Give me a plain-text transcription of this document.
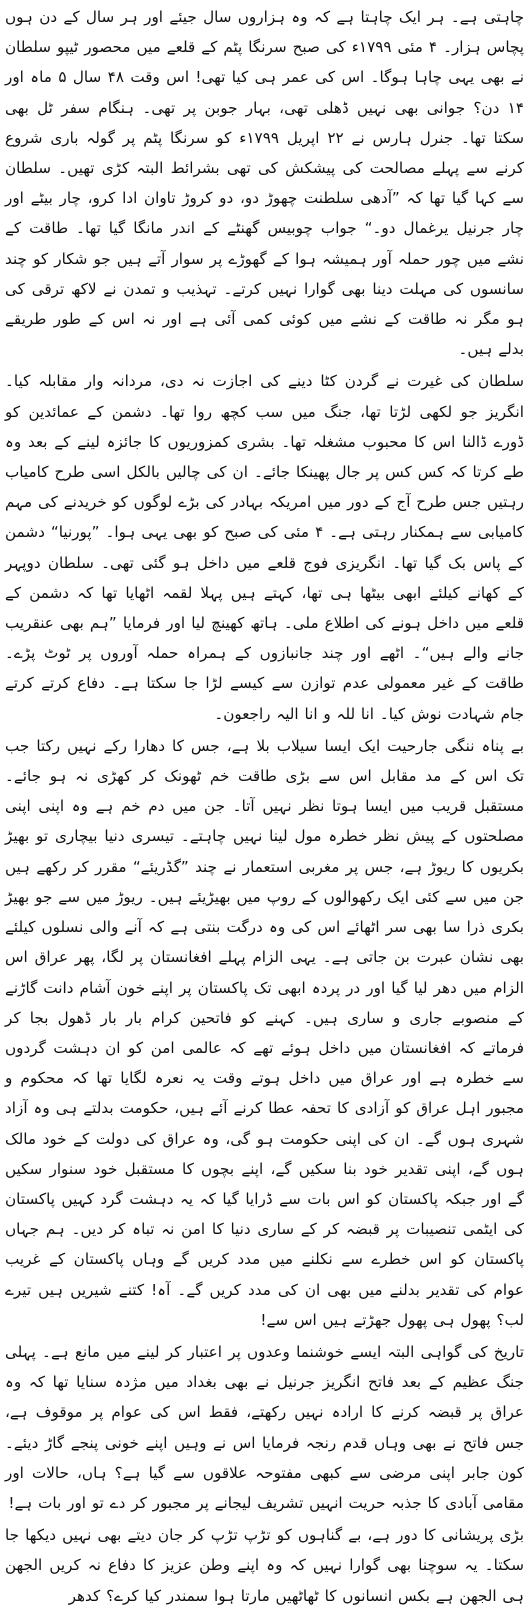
چاہتی ہے۔ ہر ایک چاہتا ہے کہ وہ ہزاروں سال جیئے اور ہر سال کے دن ہوں پچاس ہزار۔ ۴ مئی ۱۷۹۹ء کی صبح سرنگا پٹم کے قلعے میں محصور ٹیپو سلطان نے بھی یہی چاہا ہوگا۔ اس کی عمر ہی کیا تھی! اس وقت ۴۸ سال ۵ ماہ اور ۱۴ دن؟ جوانی بھی نہیں ڈھلی تھی، بہار جوبن پر تھی۔ ہنگام سفر ٹل بھی سکتا تھا۔ جنرل ہارس نے ۲۲ اپریل ۱۷۹۹ء کو سرنگا پٹم پر گولہ باری شروع کرنے سے پہلے مصالحت کی پیشکش کی تھی بشرائط البتہ کڑی تھیں۔ سلطان سے کہا گیا تھا کہ ”آدھی سلطنت چھوڑ دو، دو کروڑ تاوان ادا کرو، چار بیٹے اور چار جرنیل یرغمال دو۔“ جواب چوبیس گھنٹے کے اندر مانگا گیا تھا۔ طاقت کے نشے میں چور حملہ آور ہمیشہ ہوا کے گھوڑے پر سوار آتے ہیں جو شکار کو چند سانسوں کی مہلت دینا بھی گوارا نہیں کرتے۔ تہذیب و تمدن نے لاکھ ترقی کی ہو مگر نہ طاقت کے نشے میں کوئی کمی آئی ہے اور نہ اس کے طور طریقے بدلے ہیں۔

سلطان کی غیرت نے گردن کٹا دینے کی اجازت نہ دی، مردانہ وار مقابلہ کیا۔ انگریز جو لکھی لڑتا تھا، جنگ میں سب کچھ روا تھا۔ دشمن کے عمائدین کو ڈورے ڈالنا اس کا محبوب مشغلہ تھا۔ بشری کمزوریوں کا جائزہ لینے کے بعد وہ طے کرتا کہ کس کس پر جال پھینکا جائے۔ ان کی چالیں بالکل اسی طرح کامیاب رہتیں جس طرح آج کے دور میں امریکہ بہادر کی بڑے لوگوں کو خریدنے کی مہم کامیابی سے ہمکنار رہتی ہے۔ ۴ مئی کی صبح کو بھی یہی ہوا۔ ”پورنیا“ دشمن کے پاس بک گیا تھا۔ انگریزی فوج قلعے میں داخل ہو گئی تھی۔ سلطان دوپہر کے کھانے کیلئے ابھی بیٹھا ہی تھا، کہتے ہیں پہلا لقمہ اٹھایا تھا کہ دشمن کے قلعے میں داخل ہونے کی اطلاع ملی۔ ہاتھ کھینچ لیا اور فرمایا ”ہم بھی عنقریب جانے والے ہیں“۔ اٹھے اور چند جانبازوں کے ہمراہ حملہ آوروں پر ٹوٹ پڑے۔ طاقت کے غیر معمولی عدم توازن سے کیسے لڑا جا سکتا ہے۔ دفاع کرتے کرتے جام شہادت نوش کیا۔ انا للہ و انا الیہ راجعون۔

بے پناہ ننگی جارحیت ایک ایسا سیلاب بلا ہے، جس کا دھارا رکے نہیں رکتا جب تک اس کے مد مقابل اس سے بڑی طاقت خم ٹھونک کر کھڑی نہ ہو جائے۔ مستقبل قریب میں ایسا ہوتا نظر نہیں آتا۔ جن میں دم خم ہے وہ اپنی اپنی مصلحتوں کے پیش نظر خطرہ مول لینا نہیں چاہتے۔ تیسری دنیا بیچاری تو بھیڑ بکریوں کا ریوڑ ہے، جس پر مغربی استعمار نے چند ”گڈریئے“ مقرر کر رکھے ہیں جن میں سے کئی ایک رکھوالوں کے روپ میں بھیڑیئے ہیں۔ ریوڑ میں سے جو بھیڑ بکری ذرا سا بھی سر اٹھائے اس کی وہ درگت بنتی ہے کہ آنے والی نسلوں کیلئے بھی نشان عبرت بن جاتی ہے۔ یہی الزام پہلے افغانستان پر لگا، پھر عراق اس الزام میں دھر لیا گیا اور در پردہ ابھی تک پاکستان پر اپنے خون آشام دانت گاڑنے کے منصوبے جاری و ساری ہیں۔ کہنے کو فاتحین کرام بار بار ڈھول بجا کر فرماتے کہ افغانستان میں داخل ہوئے تھے کہ عالمی امن کو ان دہشت گردوں سے خطرہ ہے اور عراق میں داخل ہوتے وقت یہ نعرہ لگایا تھا کہ محکوم و مجبور اہل عراق کو آزادی کا تحفہ عطا کرنے آئے ہیں، حکومت بدلتے ہی وہ آزاد شہری ہوں گے۔ ان کی اپنی حکومت ہو گی، وہ عراق کی دولت کے خود مالک ہوں گے، اپنی تقدیر خود بنا سکیں گے، اپنے بچوں کا مستقبل خود سنوار سکیں گے اور جبکہ پاکستان کو اس بات سے ڈرایا گیا کہ یہ دہشت گرد کہیں پاکستان کی ایٹمی تنصیبات پر قبضہ کر کے ساری دنیا کا امن نہ تباہ کر دیں۔ ہم جہاں پاکستان کو اس خطرے سے نکلنے میں مدد کریں گے وہاں پاکستان کے غریب عوام کی تقدیر بدلنے میں بھی ان کی مدد کریں گے۔ آہ! کتنے شیریں ہیں تیرے لب؟ پھول ہی پھول جھڑتے ہیں اس سے!

تاریخ کی گواہی البتہ ایسے خوشنما وعدوں پر اعتبار کر لینے میں مانع ہے۔ پہلی جنگ عظیم کے بعد فاتح انگریز جرنیل نے بھی بغداد میں مژدہ سنایا تھا کہ وہ عراق پر قبضہ کرنے کا ارادہ نہیں رکھتے، فقط اس کی عوام پر موقوف ہے، جس فاتح نے بھی وہاں قدم رنجہ فرمایا اس نے وہیں اپنے خونی پنجے گاڑ دیئے۔ کون جابر اپنی مرضی سے کبھی مفتوحہ علاقوں سے گیا ہے؟ ہاں، حالات اور مقامی آبادی کا جذبہ حریت انہیں تشریف لیجانے پر مجبور کر دے تو اور بات ہے!

بڑی پریشانی کا دور ہے، بے گناہوں کو تڑپ تڑپ کر جان دیتے بھی نہیں دیکھا جا سکتا۔ یہ سوچنا بھی گوارا نہیں کہ وہ اپنے وطن عزیز کا دفاع نہ کریں الجھن ہی الجھن ہے بکس انسانوں کا ٹھاٹھیں مارتا ہوا سمندر کیا کرے؟ کدھر
